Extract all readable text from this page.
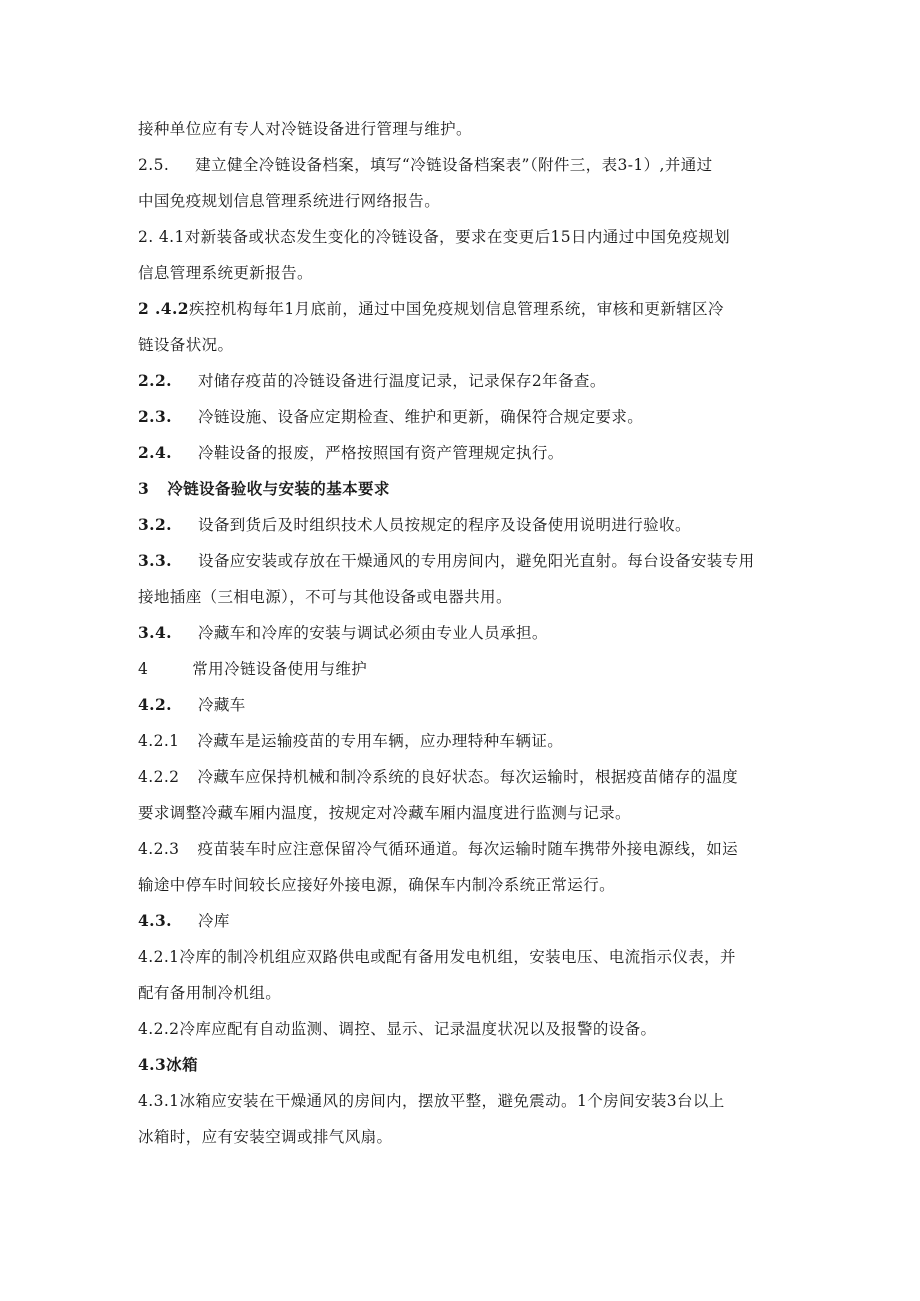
接种单位应有专人对冷链设备进行管理与维护。
2.5. 建立健全冷链设备档案，填写“冷链设备档案表”（附件三，表3-1）,并通过
中国免疫规划信息管理系统进行网络报告。
2. 4.1对新装备或状态发生变化的冷链设备，要求在变更后15日内通过中国免疫规划
信息管理系统更新报告。
2 .4.2疾控机构每年1月底前，通过中国免疫规划信息管理系统，审核和更新辖区冷
链设备状况。
2.2. 对储存疫苗的冷链设备进行温度记录，记录保存2年备查。
2.3. 冷链设施、设备应定期检查、维护和更新，确保符合规定要求。
2.4. 冷鞋设备的报废，严格按照国有资产管理规定执行。
3 冷链设备验收与安装的基本要求
3.2. 设备到货后及时组织技术人员按规定的程序及设备使用说明进行验收。
3.3. 设备应安装或存放在干燥通风的专用房间内，避免阳光直射。每台设备安装专用
接地插座（三相电源），不可与其他设备或电器共用。
3.4. 冷藏车和冷库的安装与调试必须由专业人员承担。
4	常用冷链设备使用与维护
4.2. 冷藏车
4.2.1 冷藏车是运输疫苗的专用车辆，应办理特种车辆证。
4.2.2 冷藏车应保持机械和制冷系统的良好状态。每次运输时，根据疫苗储存的温度
要求调整冷藏车厢内温度，按规定对冷藏车厢内温度进行监测与记录。
4.2.3 疫苗装车时应注意保留冷气循环通道。每次运输时随车携带外接电源线，如运
输途中停车时间较长应接好外接电源，确保车内制冷系统正常运行。
4.3. 冷库
4.2.1冷库的制冷机组应双路供电或配有备用发电机组，安装电压、电流指示仪表，并
配有备用制冷机组。
4.2.2冷库应配有自动监测、调控、显示、记录温度状况以及报警的设备。
4.3冰箱
4.3.1冰箱应安装在干燥通风的房间内，摆放平整，避免震动。1个房间安装3台以上
冰箱时，应有安装空调或排气风扇。
